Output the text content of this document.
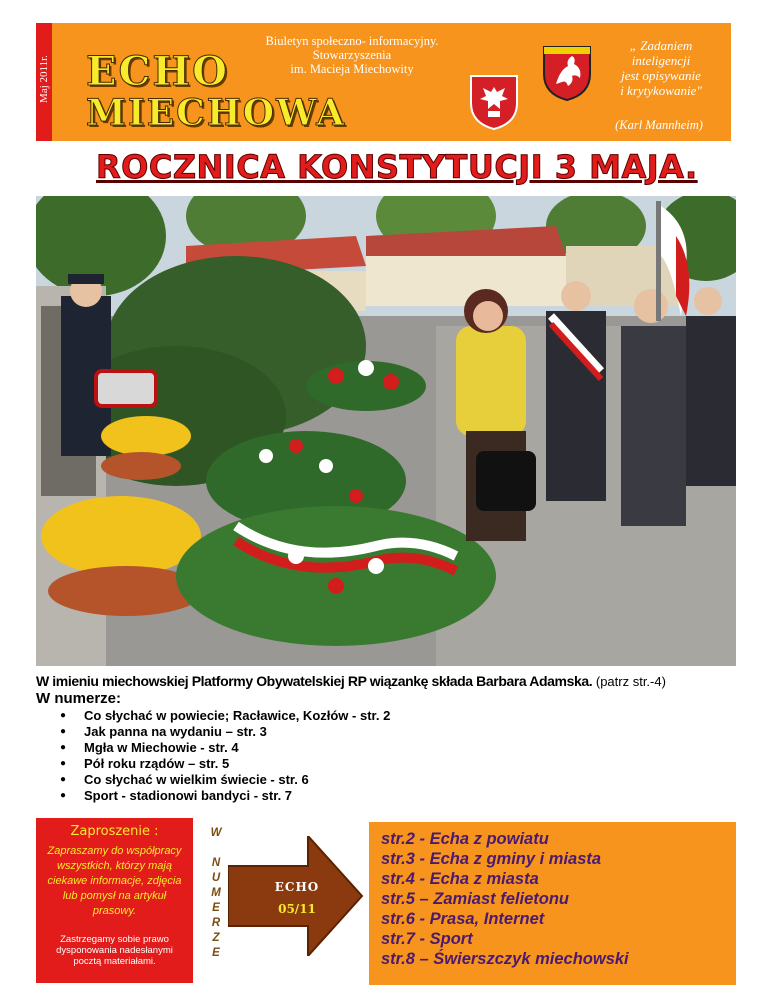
Maj 2011r. ECHO
MIECHOWA
Biuletyn społeczno- informacyjny.
Stowarzyszenia
im. Macieja Miechowity
„ Zadaniem
inteligencji
jest opisywanie
i krytykowanie"
(Karl Mannheim)
ROCZNICA KONSTYTUCJI 3 MAJA.
W imieniu miechowskiej Platformy Obywatelskiej RP wiązankę składa Barbara Adamska. (patrz str.-4)
W numerze:
● Co słychać w powiecie; Racławice, Kozłów - str. 2
● Jak panna na wydaniu – str. 3
● Mgła w Miechowie - str. 4
● Pół roku rządów – str. 5
● Co słychać w wielkim świecie - str. 6
● Sport - stadionowi bandyci - str. 7
Zaproszenie :
Zapraszamy do współpracy wszystkich, którzy mają ciekawe informacje, zdjęcia lub pomysł na artykuł prasowy.
Zastrzegamy sobie prawo dysponowania nadesłanymi pocztą materiałami.
W
N
U
M
E
R
Z
E
ECHO
05/11
str.2 - Echa z powiatu
str.3 - Echa z gminy i miasta
str.4 - Echa z miasta
str.5 – Zamiast felietonu
str.6 - Prasa, Internet
str.7 - Sport
str.8 – Świerszczyk miechowski
